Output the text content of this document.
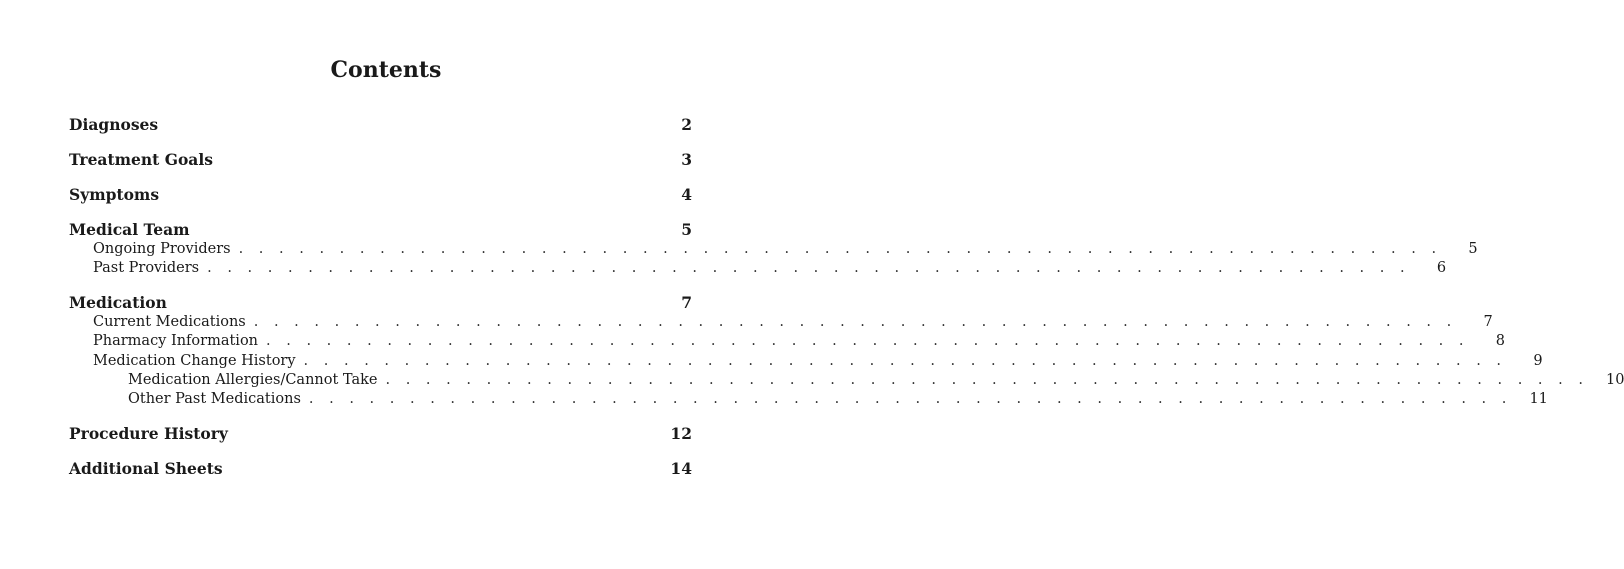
Contents
Diagnoses	2
Treatment Goals	3
Symptoms	4
Medical Team	5
Ongoing Providers . . . . . . . . . . . . . . . . . . . . . . . . . . . . . . . . . . . . . . . . . . . . . . . . . . . . . . . . . . . .	5
Past Providers . . . . . . . . . . . . . . . . . . . . . . . . . . . . . . . . . . . . . . . . . . . . . . . . . . . . . . . . . . . .	6
Medication	7
Current Medications . . . . . . . . . . . . . . . . . . . . . . . . . . . . . . . . . . . . . . . . . . . . . . . . . . . . . . . . . . . .	7
Pharmacy Information . . . . . . . . . . . . . . . . . . . . . . . . . . . . . . . . . . . . . . . . . . . . . . . . . . . . . . . . . . . .	8
Medication Change History . . . . . . . . . . . . . . . . . . . . . . . . . . . . . . . . . . . . . . . . . . . . . . . . . . . . . . . . . . . .	9
Medication Allergies/Cannot Take . . . . . . . . . . . . . . . . . . . . . . . . . . . . . . . . . . . . . . . . . . . . . . . . . . . . . . . . . . . .	10
Other Past Medications . . . . . . . . . . . . . . . . . . . . . . . . . . . . . . . . . . . . . . . . . . . . . . . . . . . . . . . . . . . .	11
Procedure History	12
Additional Sheets	14
